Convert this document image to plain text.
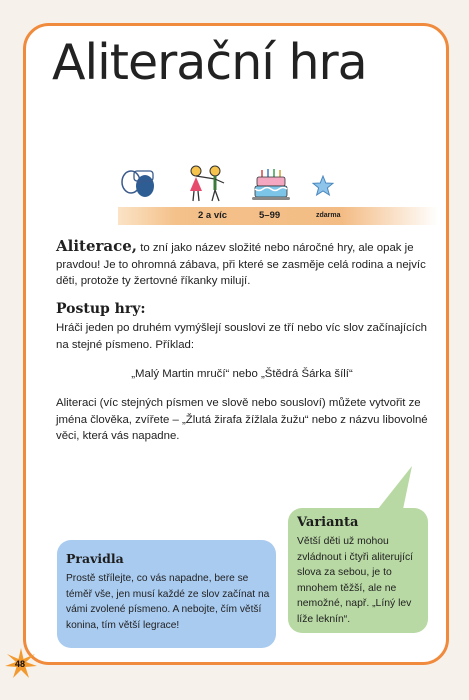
Aliterační hra
2 a víc	5–99	zdarma

Aliterace, to zní jako název složité nebo náročné hry, ale opak je pravdou! Je to ohromná zábava, při které se zasměje celá rodina a nejvíc děti, protože ty žertovné říkanky milují.

Postup hry:

Hráči jeden po druhém vymýšlejí souslovi ze tří nebo víc slov začínajících na stejné písmeno. Příklad:

„Malý Martin mručí“ nebo „Štědrá Šárka šílí“

Aliteraci (víc stejných písmen ve slově nebo sousloví) můžete vytvořit ze jména člověka, zvířete – „Žlutá žirafa žížlala žužu“ nebo z názvu libovolné věci, která vás napadne.

Varianta

Větší děti už mohou zvládnout i čtyři aliterující slova za sebou, je to mnohem těžší, ale ne nemožné, např. „Líný lev líže leknín“.

Pravidla

Prostě střílejte, co vás napadne, bere se téměř vše, jen musí každé ze slov začínat na vámi zvolené písmeno. A nebojte, čím větší konina, tím větší legrace!

48
